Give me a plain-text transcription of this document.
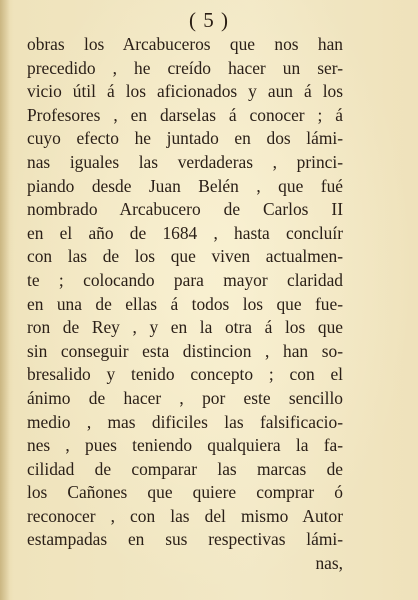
( 5 )
obras los Arcabuceros que nos han
precedido , he creído hacer un ser-
vicio útil á los aficionados y aun á los
Profesores , en darselas á conocer ; á
cuyo efecto he juntado en dos lámi-
nas iguales las verdaderas , princi-
piando desde Juan Belén , que fué
nombrado Arcabucero de Carlos II
en el año de 1684 , hasta concluír
con las de los que viven actualmen-
te ; colocando para mayor claridad
en una de ellas á todos los que fue-
ron de Rey , y en la otra á los que
sin conseguir esta distincion , han so-
bresalido y tenido concepto ; con el
ánimo de hacer , por este sencillo
medio , mas dificiles las falsificacio-
nes , pues teniendo qualquiera la fa-
cilidad de comparar las marcas de
los Cañones que quiere comprar ó
reconocer , con las del mismo Autor
estampadas en sus respectivas lámi-
nas,
